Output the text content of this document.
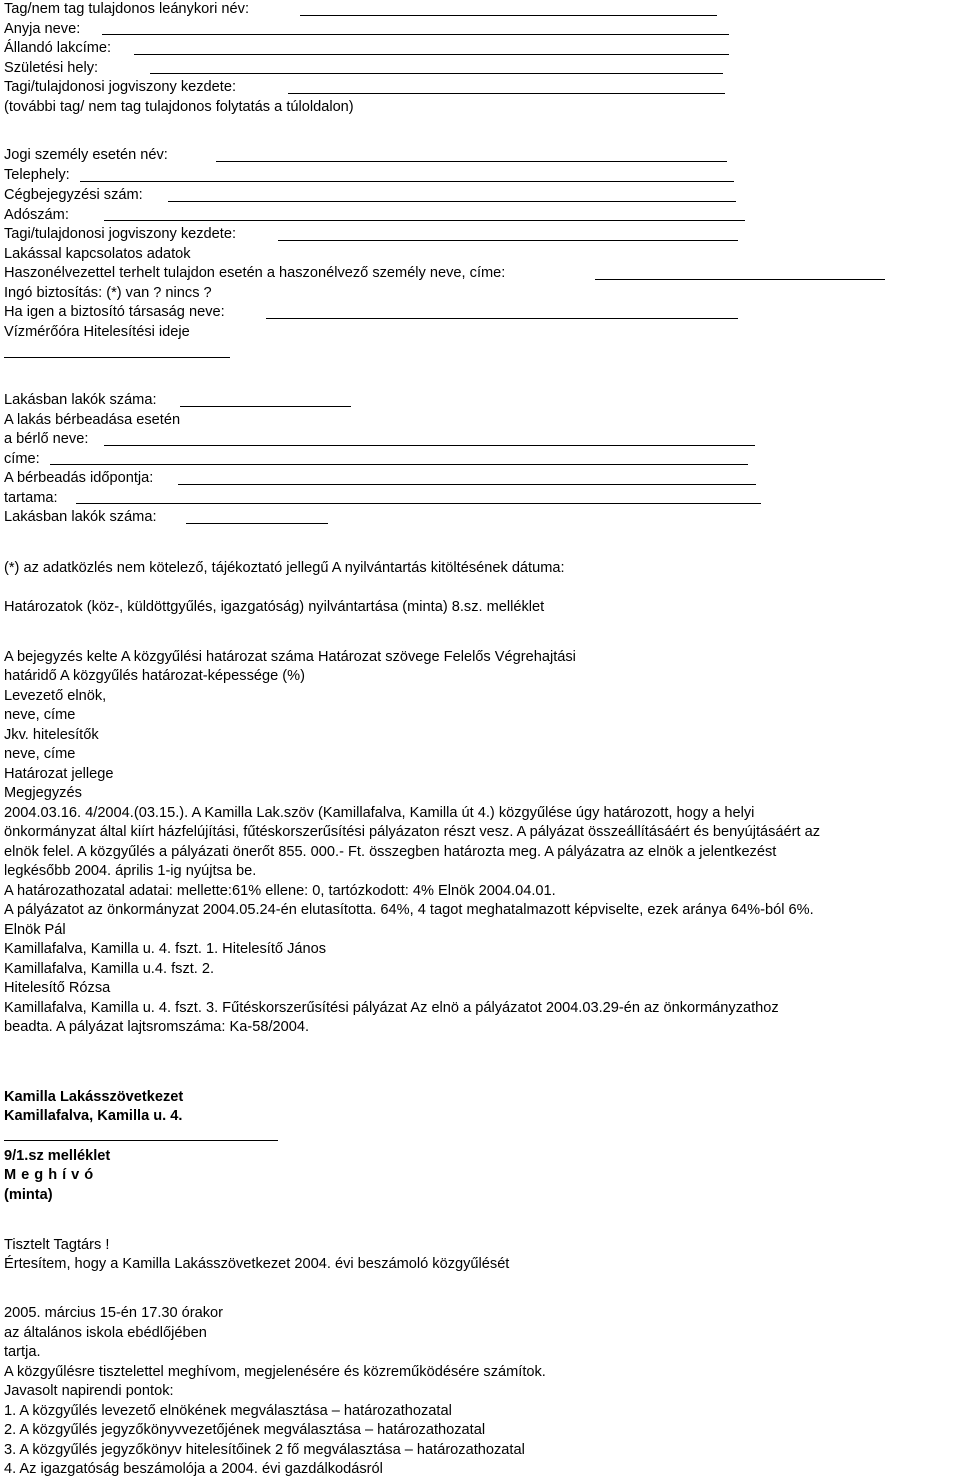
Tag/nem tag tulajdonos leánykori név:
Anyja neve:
Állandó lakcíme:
Születési hely:
Tagi/tulajdonosi jogviszony kezdete:
(további tag/ nem tag tulajdonos folytatás a túloldalon)
Jogi személy esetén név:
Telephely:
Cégbejegyzési szám:
Adószám:
Tagi/tulajdonosi jogviszony kezdete:
Lakással kapcsolatos adatok
Haszonélvezettel terhelt tulajdon esetén a haszonélvező személy neve, címe:
Ingó biztosítás: (*) van ? nincs ?
Ha igen a biztosító társaság neve:
Vízmérőóra Hitelesítési ideje
Lakásban lakók száma:
A lakás bérbeadása esetén
a bérlő neve:
címe:
A bérbeadás időpontja:
tartama:
Lakásban lakók száma:
(*) az adatközlés nem kötelező, tájékoztató jellegű A nyilvántartás kitöltésének dátuma:
Határozatok (köz-, küldöttgyűlés, igazgatóság) nyilvántartása (minta) 8.sz. melléklet
A bejegyzés kelte A közgyűlési határozat száma Határozat szövege Felelős Végrehajtási
határidő A közgyűlés határozat-képessége (%)
Levezető elnök,
neve, címe
Jkv. hitelesítők
neve, címe
Határozat jellege
Megjegyzés
2004.03.16. 4/2004.(03.15.). A Kamilla Lak.szöv (Kamillafalva, Kamilla út 4.) közgyűlése úgy határozott, hogy a helyi
önkormányzat által kiírt házfelújítási, fűtéskorszerűsítési pályázaton részt vesz. A pályázat összeállításáért és benyújtásáért az
elnök felel. A közgyűlés a pályázati önerőt 855. 000.- Ft. összegben határozta meg. A pályázatra az elnök a jelentkezést
legkésőbb 2004. április 1-ig nyújtsa be.
A határozathozatal adatai: mellette:61% ellene: 0, tartózkodott: 4% Elnök 2004.04.01.
A pályázatot az önkormányzat 2004.05.24-én elutasította. 64%, 4 tagot meghatalmazott képviselte, ezek aránya 64%-ból 6%.
Elnök Pál
Kamillafalva, Kamilla u. 4. fszt. 1. Hitelesítő János
Kamillafalva, Kamilla u.4. fszt. 2.
Hitelesítő Rózsa
Kamillafalva, Kamilla u. 4. fszt. 3. Fűtéskorszerűsítési pályázat Az elnö a pályázatot 2004.03.29-én az önkormányzathoz
beadta. A pályázat lajtsromszáma: Ka-58/2004.
Kamilla Lakásszövetkezet
Kamillafalva, Kamilla u. 4.
9/1.sz melléklet
Meghívó
(minta)
Tisztelt Tagtárs !
Értesítem, hogy a Kamilla Lakásszövetkezet 2004. évi beszámoló közgyűlését
2005. március 15-én 17.30 órakor
az általános iskola ebédlőjében
tartja.
A közgyűlésre tisztelettel meghívom, megjelenésére és közreműködésére számítok.
Javasolt napirendi pontok:
1. A közgyűlés levezető elnökének megválasztása – határozathozatal
2. A közgyűlés jegyzőkönyvvezetőjének megválasztása – határozathozatal
3. A közgyűlés jegyzőkönyv hitelesítőinek 2 fő megválasztása – határozathozatal
4. Az igazgatóság beszámolója a 2004. évi gazdálkodásról
